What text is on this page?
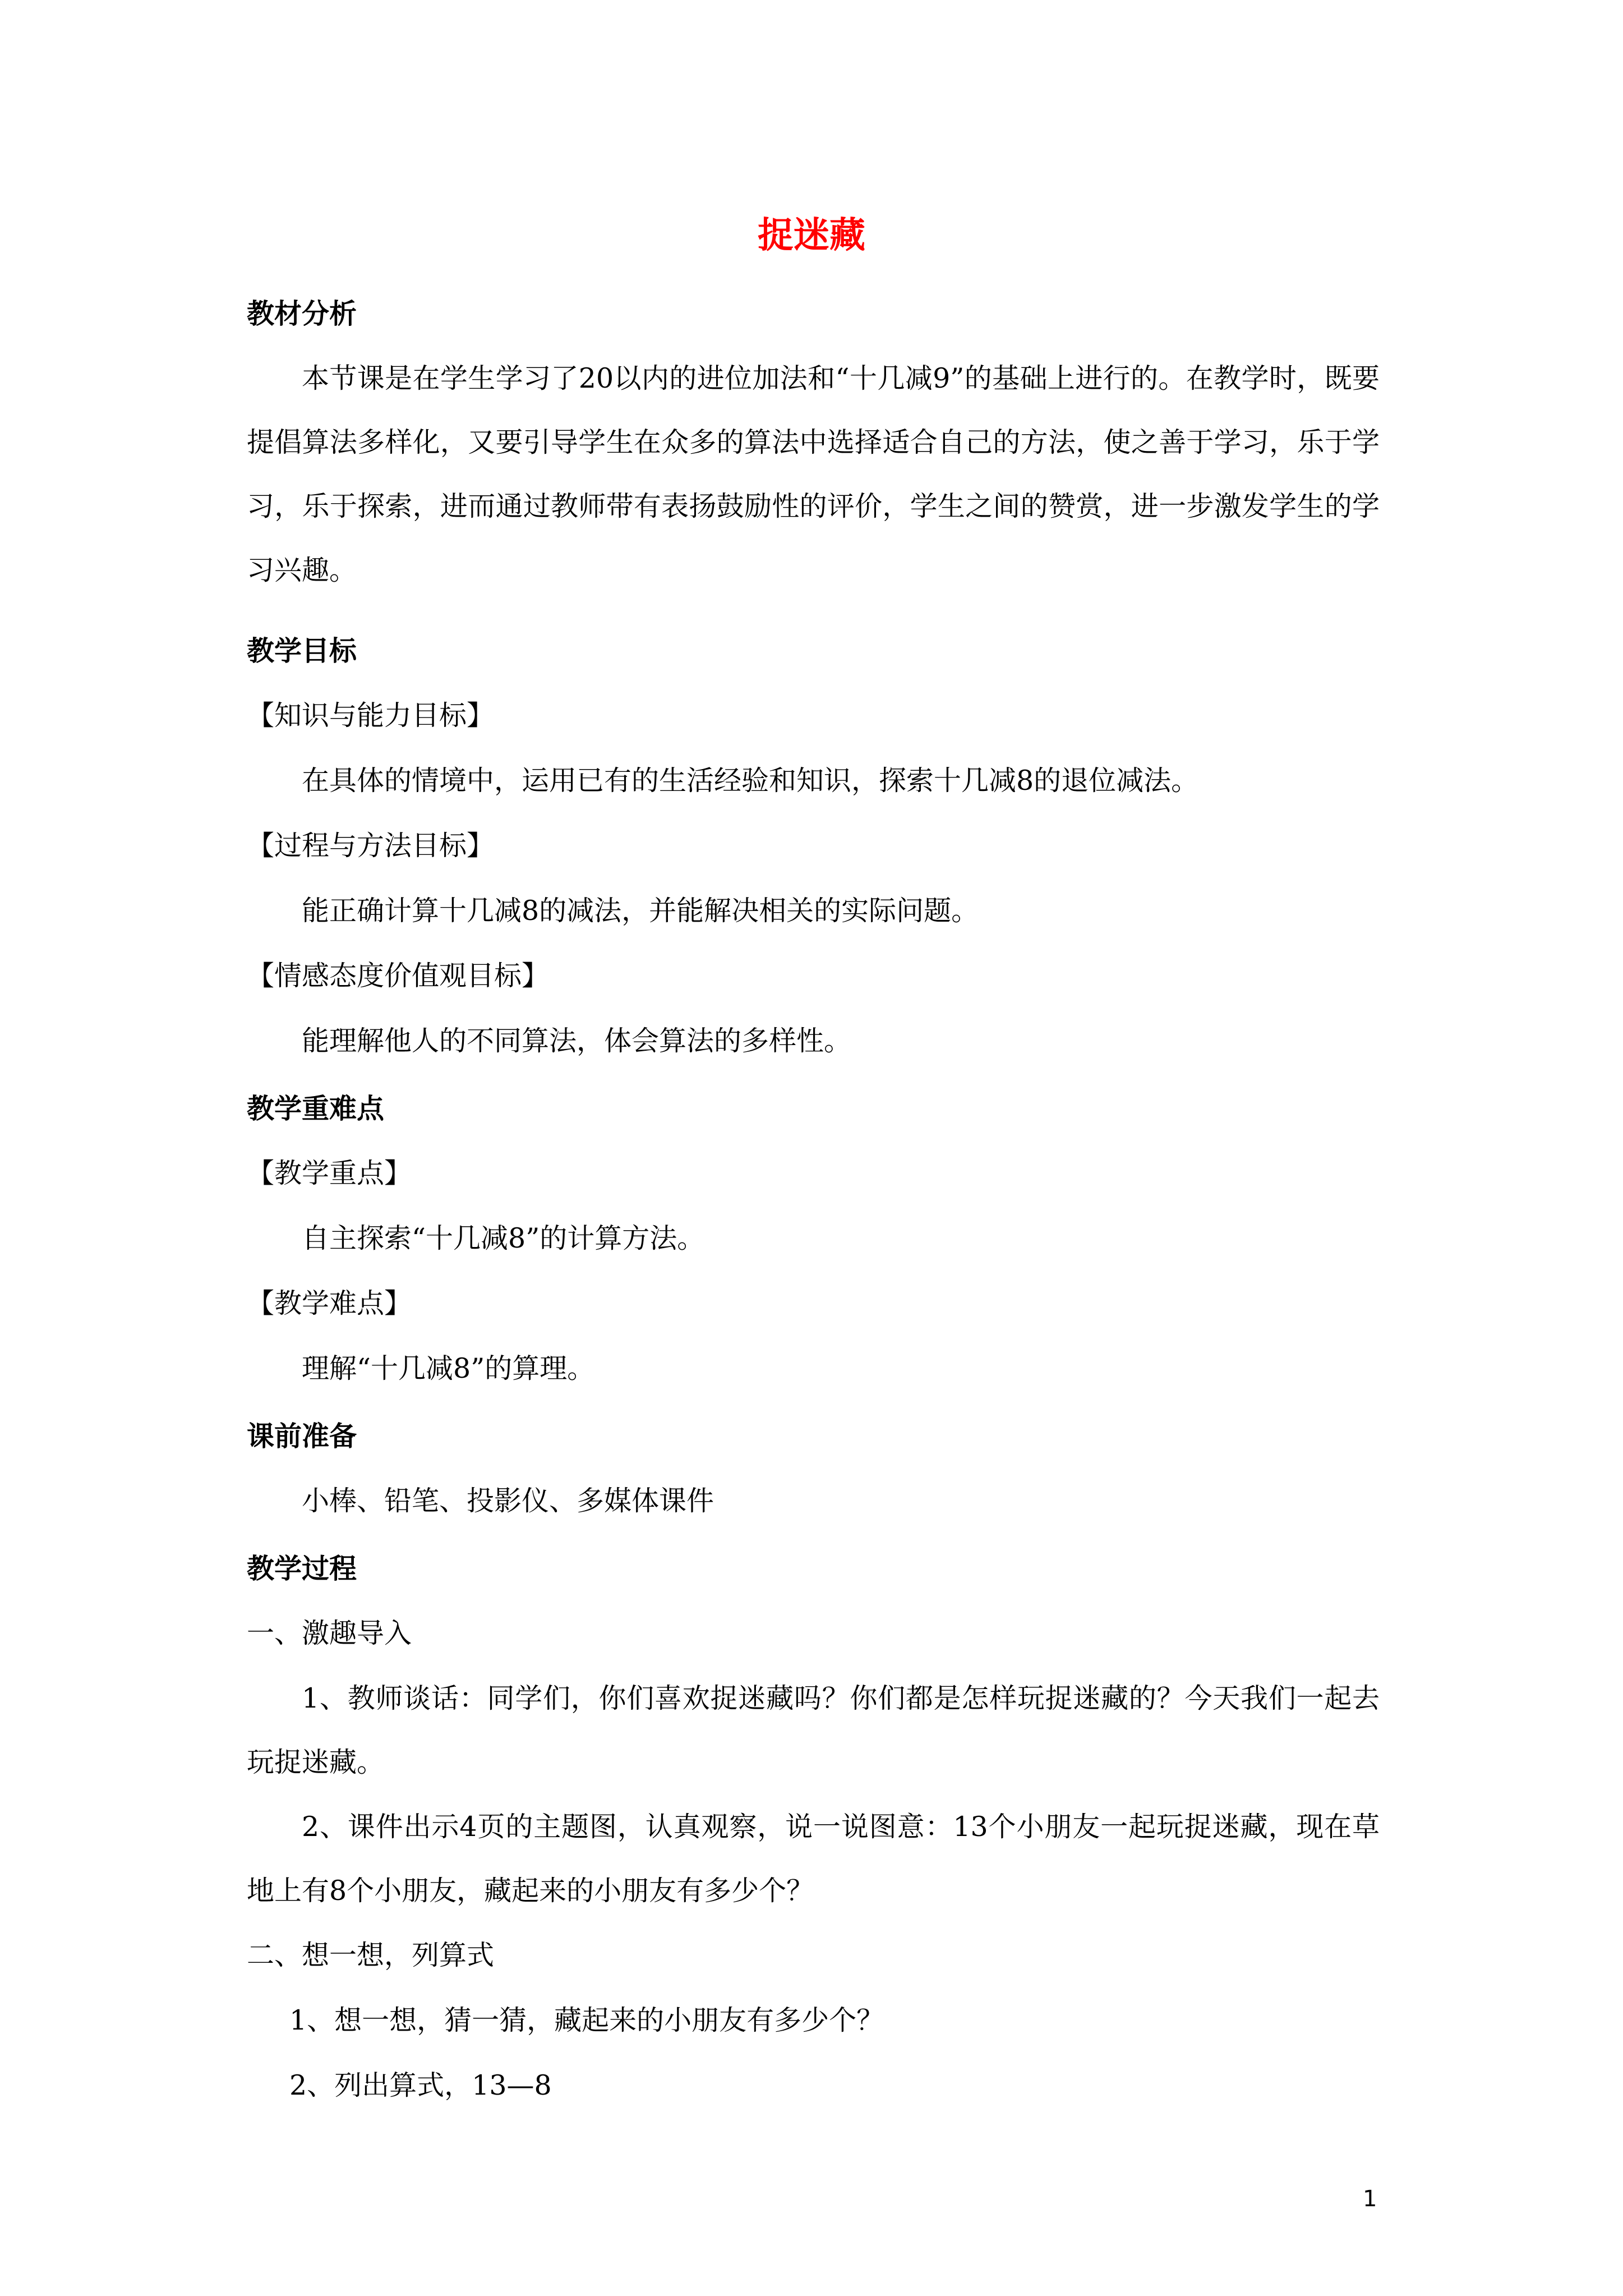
捉迷藏
教材分析
本节课是在学生学习了20以内的进位加法和“十几减9”的基础上进行的。在教学时，既要提倡算法多样化，又要引导学生在众多的算法中选择适合自己的方法，使之善于学习，乐于学习，乐于探索，进而通过教师带有表扬鼓励性的评价，学生之间的赞赏，进一步激发学生的学习兴趣。
教学目标
【知识与能力目标】
在具体的情境中，运用已有的生活经验和知识，探索十几减8的退位减法。
【过程与方法目标】
能正确计算十几减8的减法，并能解决相关的实际问题。
【情感态度价值观目标】
能理解他人的不同算法，体会算法的多样性。
教学重难点
【教学重点】
自主探索“十几减8”的计算方法。
【教学难点】
理解“十几减8”的算理。
课前准备
小棒、铅笔、投影仪、多媒体课件
教学过程
一、激趣导入
1、教师谈话：同学们，你们喜欢捉迷藏吗？你们都是怎样玩捉迷藏的？今天我们一起去玩捉迷藏。
2、课件出示4页的主题图，认真观察，说一说图意：13个小朋友一起玩捉迷藏，现在草地上有8个小朋友，藏起来的小朋友有多少个？
二、想一想，列算式
1、想一想，猜一猜，藏起来的小朋友有多少个？
2、列出算式，13—8
1
